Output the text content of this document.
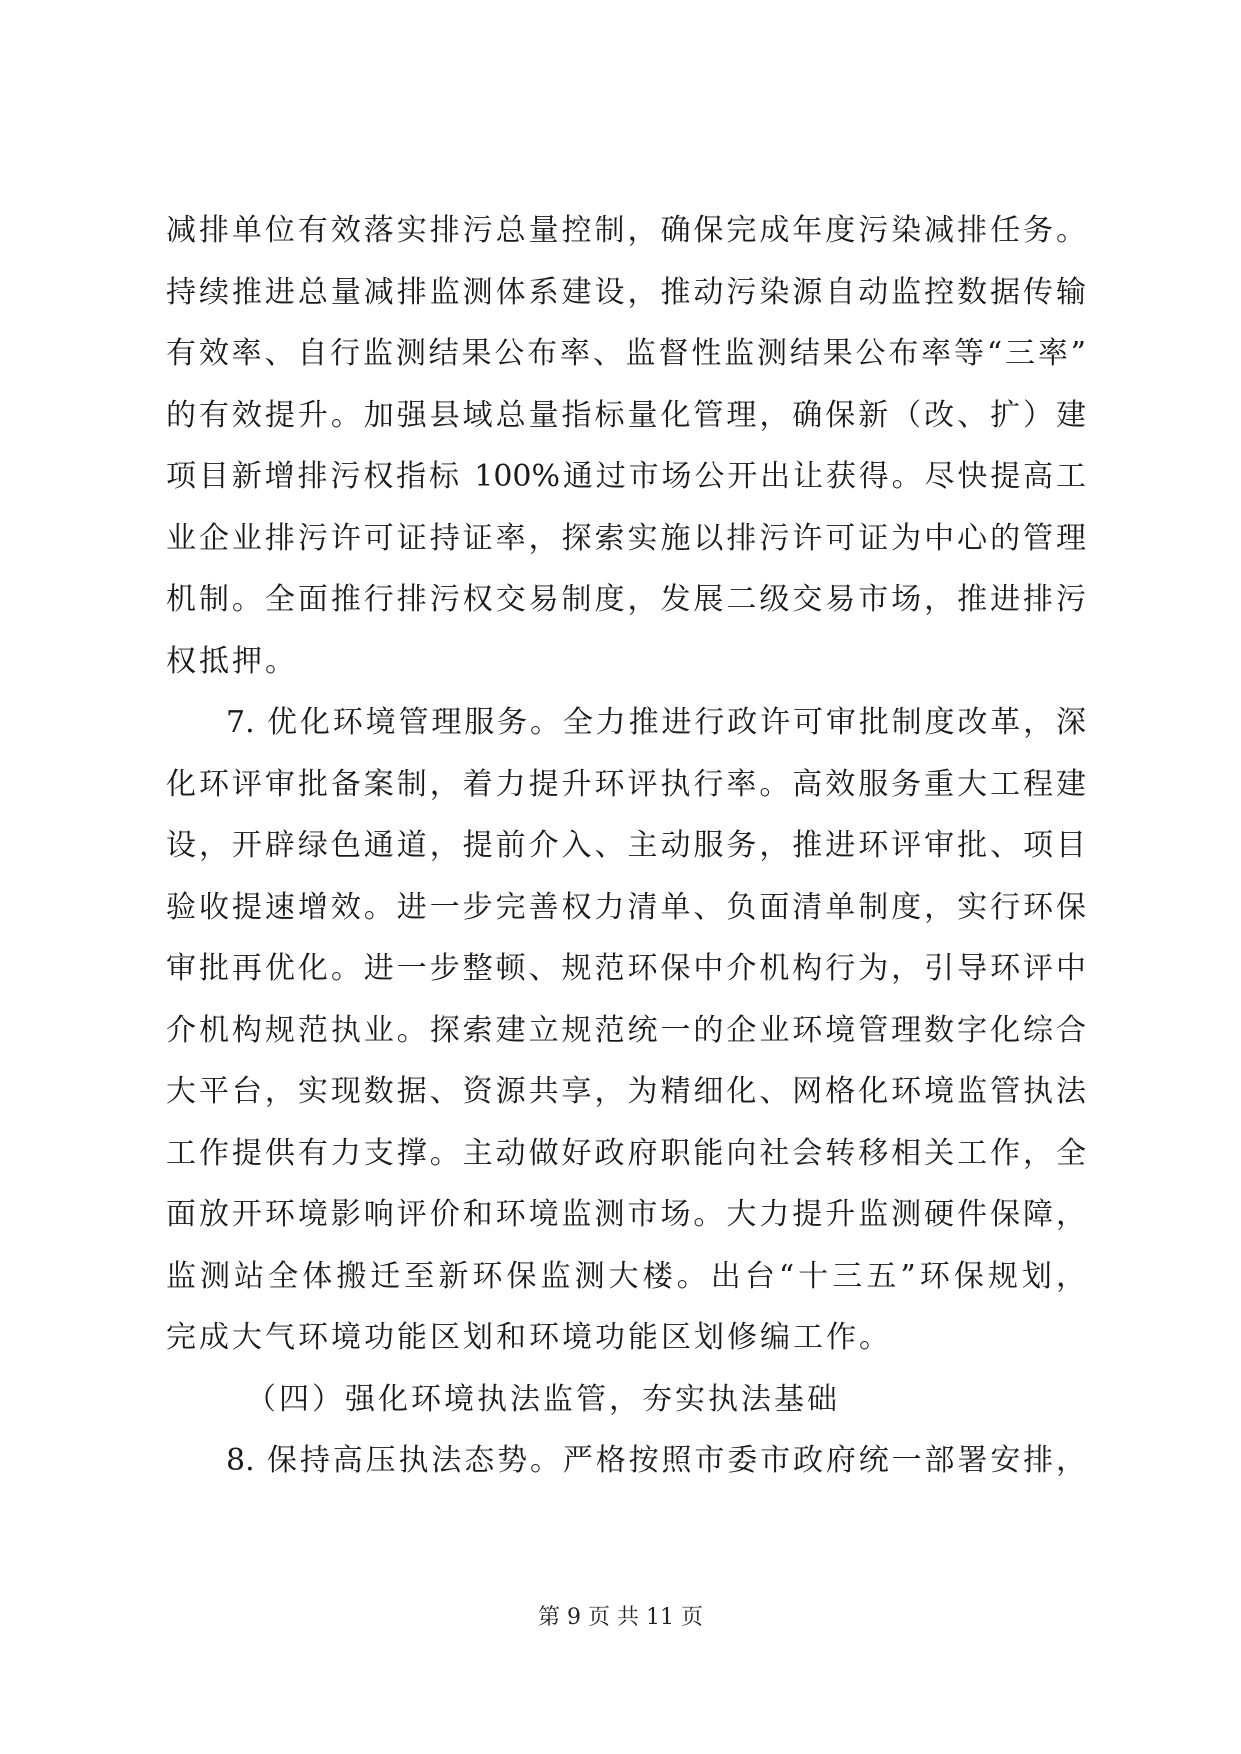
减排单位有效落实排污总量控制，确保完成年度污染减排任务。
持续推进总量减排监测体系建设，推动污染源自动监控数据传输
有效率、自行监测结果公布率、监督性监测结果公布率等“三率”
的有效提升。加强县域总量指标量化管理，确保新（改、扩）建
项目新增排污权指标 100%通过市场公开出让获得。尽快提高工
业企业排污许可证持证率，探索实施以排污许可证为中心的管理
机制。全面推行排污权交易制度，发展二级交易市场，推进排污
权抵押。
7. 优化环境管理服务。全力推进行政许可审批制度改革，深
化环评审批备案制，着力提升环评执行率。高效服务重大工程建
设，开辟绿色通道，提前介入、主动服务，推进环评审批、项目
验收提速增效。进一步完善权力清单、负面清单制度，实行环保
审批再优化。进一步整顿、规范环保中介机构行为，引导环评中
介机构规范执业。探索建立规范统一的企业环境管理数字化综合
大平台，实现数据、资源共享，为精细化、网格化环境监管执法
工作提供有力支撑。主动做好政府职能向社会转移相关工作，全
面放开环境影响评价和环境监测市场。大力提升监测硬件保障，
监测站全体搬迁至新环保监测大楼。出台“十三五”环保规划，
完成大气环境功能区划和环境功能区划修编工作。
（四）强化环境执法监管，夯实执法基础
8. 保持高压执法态势。严格按照市委市政府统一部署安排，
第 9 页 共 11 页
